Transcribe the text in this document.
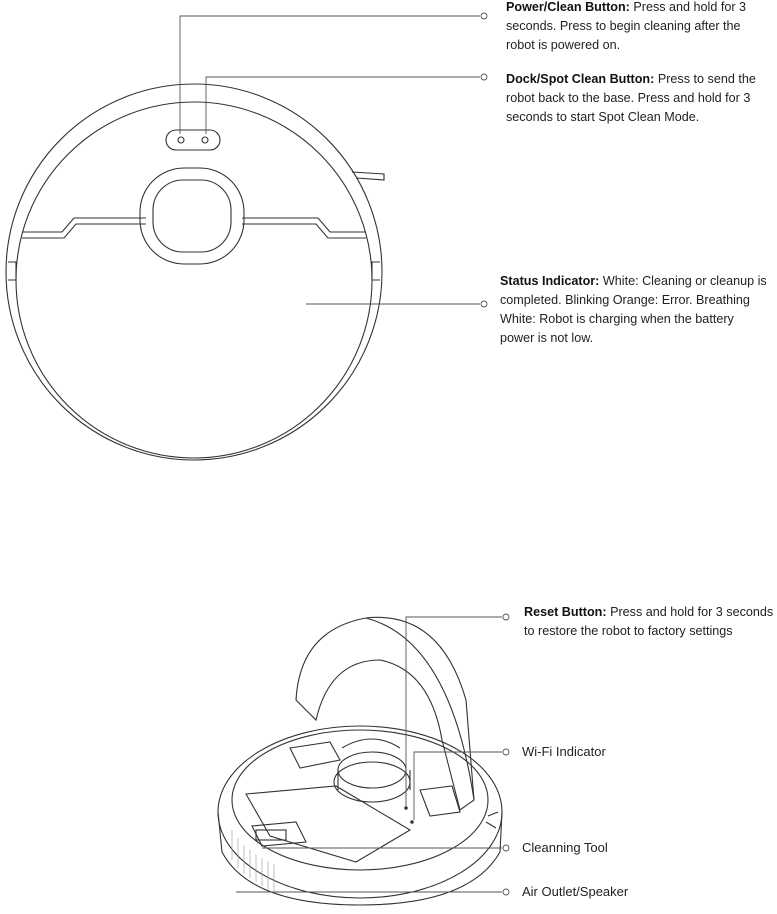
Power/Clean Button: Press and hold for 3 seconds. Press to begin cleaning after the robot is powered on.
Dock/Spot Clean Button: Press to send the robot back to the base. Press and hold for 3 seconds to start Spot Clean Mode.
Status Indicator: White: Cleaning or cleanup is completed. Blinking Orange: Error. Breathing White: Robot is charging when the battery power is not low.
Reset Button: Press and hold for 3 seconds to restore the robot to factory settings
Wi-Fi Indicator
Cleanning Tool
Air Outlet/Speaker
